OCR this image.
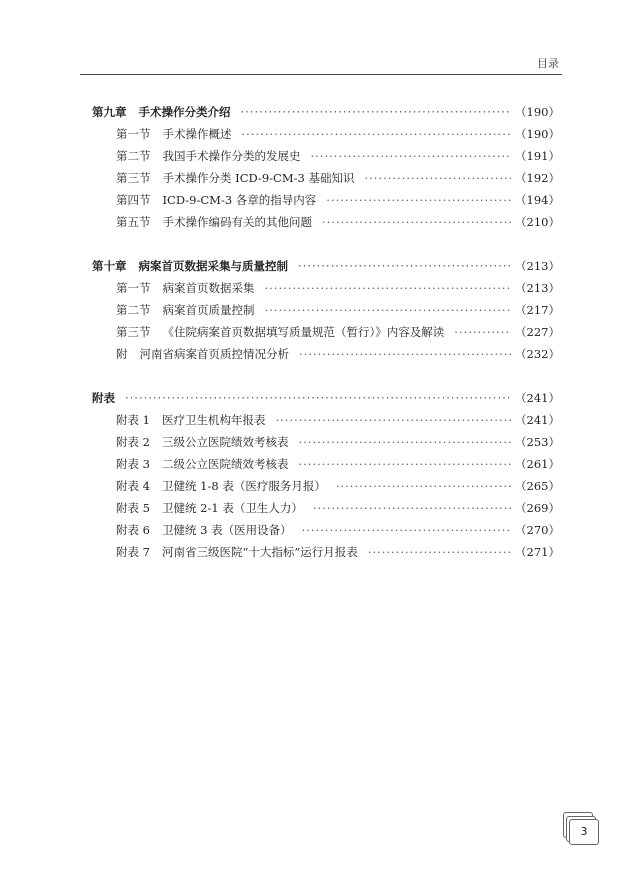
目录
第九章 手术操作分类介绍 ·····	（190）
第一节 手术操作概述 ·····	（190）
第二节 我国手术操作分类的发展史 ·····	（191）
第三节 手术操作分类 ICD-9-CM-3 基础知识 ·····	（192）
第四节 ICD-9-CM-3 各章的指导内容 ·····	（194）
第五节 手术操作编码有关的其他问题 ·····	（210）
第十章 病案首页数据采集与质量控制 ·····	（213）
第一节 病案首页数据采集 ·····	（213）
第二节 病案首页质量控制 ·····	（217）
第三节 《住院病案首页数据填写质量规范（暂行）》内容及解读 ·····	（227）
附 河南省病案首页质控情况分析 ·····	（232）
附表 ·····	（241）
附表 1 医疗卫生机构年报表 ·····	（241）
附表 2 三级公立医院绩效考核表 ·····	（253）
附表 3 二级公立医院绩效考核表 ·····	（261）
附表 4 卫健统 1-8 表（医疗服务月报） ·····	（265）
附表 5 卫健统 2-1 表（卫生人力） ·····	（269）
附表 6 卫健统 3 表（医用设备） ·····	（270）
附表 7 河南省三级医院“十大指标”运行月报表 ·····	（271）
3
